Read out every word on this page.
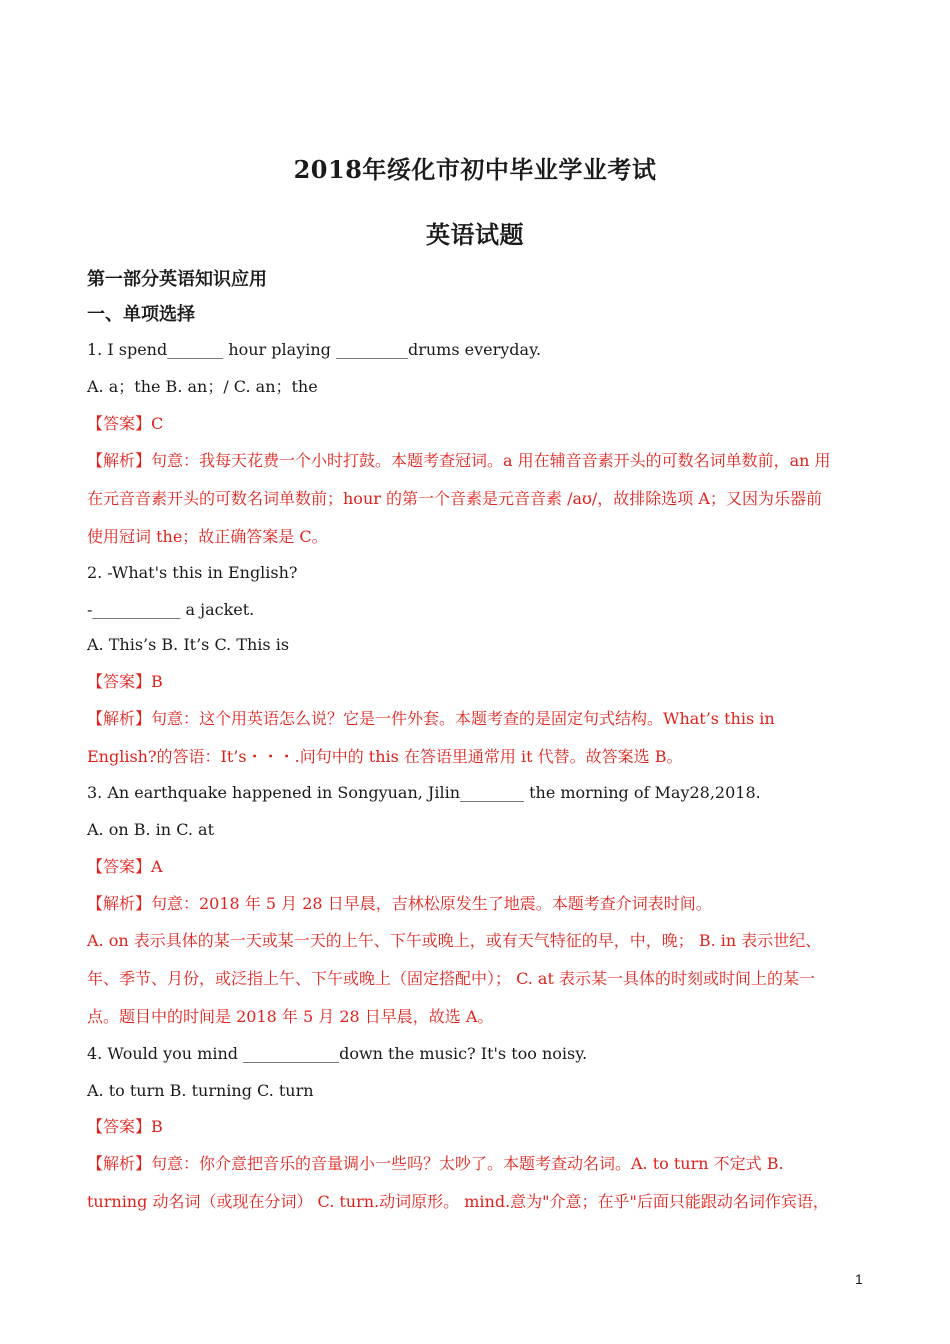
2018年绥化市初中毕业学业考试
英语试题
第一部分英语知识应用
一、单项选择
1. I spend_______ hour playing _________drums everyday.
A. a；the B. an；/ C. an；the
【答案】C
【解析】句意：我每天花费一个小时打鼓。本题考查冠词。a 用在辅音音素开头的可数名词单数前，an 用
在元音音素开头的可数名词单数前；hour 的第一个音素是元音音素 /aʊ/，故排除选项 A；又因为乐器前
使用冠词 the；故正确答案是 C。
2. -What's this in English?
-___________ a jacket.
A. This’s B. It’s C. This is
【答案】B
【解析】句意：这个用英语怎么说？它是一件外套。本题考查的是固定句式结构。What’s this in
English?的答语：It’s・・・.问句中的 this 在答语里通常用 it 代替。故答案选 B。
3. An earthquake happened in Songyuan, Jilin________ the morning of May28,2018.
A. on B. in C. at
【答案】A
【解析】句意：2018 年 5 月 28 日早晨，吉林松原发生了地震。本题考查介词表时间。
A. on 表示具体的某一天或某一天的上午、下午或晚上，或有天气特征的早，中，晚； B. in 表示世纪、
年、季节、月份，或泛指上午、下午或晚上（固定搭配中）； C. at 表示某一具体的时刻或时间上的某一
点。题目中的时间是 2018 年 5 月 28 日早晨，故选 A。
4. Would you mind ____________down the music? It's too noisy.
A. to turn B. turning C. turn
【答案】B
【解析】句意：你介意把音乐的音量调小一些吗？太吵了。本题考查动名词。A. to turn 不定式 B.
turning 动名词（或现在分词） C. turn.动词原形。 mind.意为"介意；在乎"后面只能跟动名词作宾语，
1
